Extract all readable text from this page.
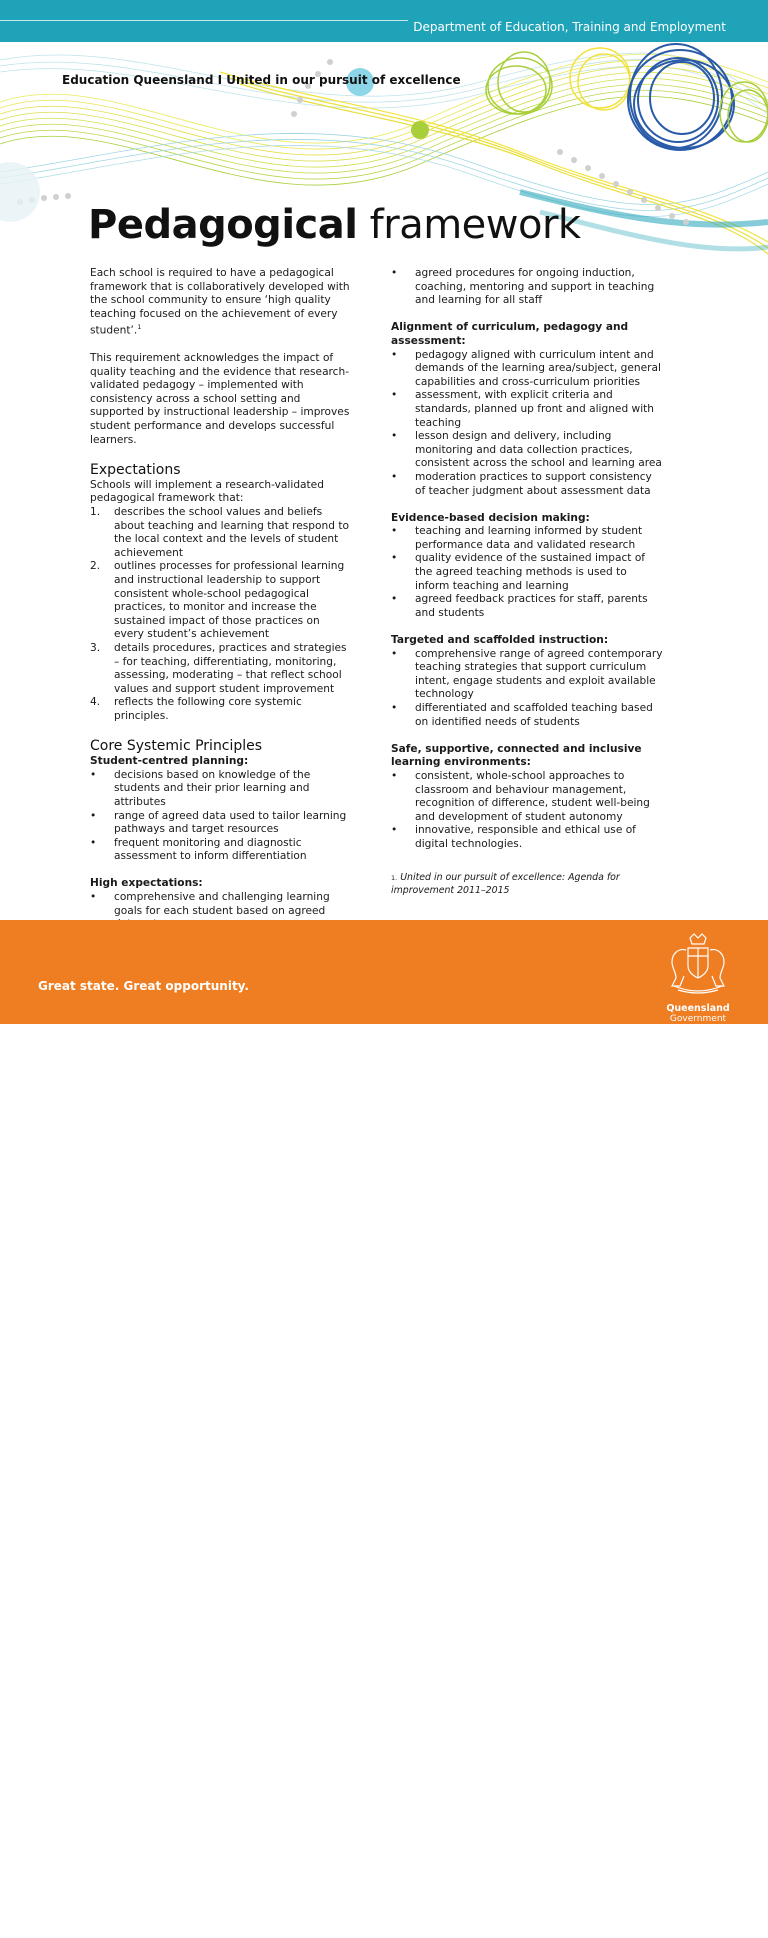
Department of Education, Training and Employment
Education Queensland I United in our pursuit of excellence
Pedagogical framework

Each school is required to have a pedagogical framework that is collaboratively developed with the school community to ensure ‘high quality teaching focused on the achievement of every student’.$^1$

This requirement acknowledges the impact of quality teaching and the evidence that research-validated pedagogy – implemented with consistency across a school setting and supported by instructional leadership – improves student performance and develops successful learners.

Expectations

Schools will implement a research-validated pedagogical framework that:

1. describes the school values and beliefs about teaching and learning that respond to the local context and the levels of student achievement
2. outlines processes for professional learning and instructional leadership to support consistent whole-school pedagogical practices, to monitor and increase the sustained impact of those practices on every student’s achievement
3. details procedures, practices and strategies – for teaching, differentiating, monitoring, assessing, moderating – that reflect school values and support student improvement
4. reflects the following core systemic principles.
Core Systemic Principles

Student-centred planning:

• decisions based on knowledge of the students and their prior learning and attributes
• range of agreed data used to tailor learning pathways and target resources
• frequent monitoring and diagnostic assessment to inform differentiation

High expectations:

• comprehensive and challenging learning goals for each student based on agreed
• agreed procedures for ongoing induction, coaching, mentoring and support in teaching and learning for all staff

Alignment of curriculum, pedagogy and assessment:

• pedagogy aligned with curriculum intent and demands of the learning area/subject, general capabilities and cross-curriculum priorities
• assessment, with explicit criteria and standards, planned up front and aligned with teaching
• lesson design and delivery, including monitoring and data collection practices, consistent across the school and learning area
• moderation practices to support consistency of teacher judgment about assessment data

Evidence-based decision making:

• teaching and learning informed by student performance data and validated research
• quality evidence of the sustained impact of the agreed teaching methods is used to inform teaching and learning
• agreed feedback practices for staff, parents and students

Targeted and scaffolded instruction:

• comprehensive range of agreed contemporary teaching strategies that support curriculum intent, engage students and exploit available technology
• differentiated and scaffolded teaching based on identified needs of students

Safe, supportive, connected and inclusive learning environments:

• consistent, whole-school approaches to classroom and behaviour management, recognition of difference, student well-being and development of student autonomy
• innovative, responsible and ethical use of digital technologies.

$^{1.}$ United in our pursuit of excellence: Agenda for improvement 2011–2015

Great state. Great opportunity.
Queensland
Government
